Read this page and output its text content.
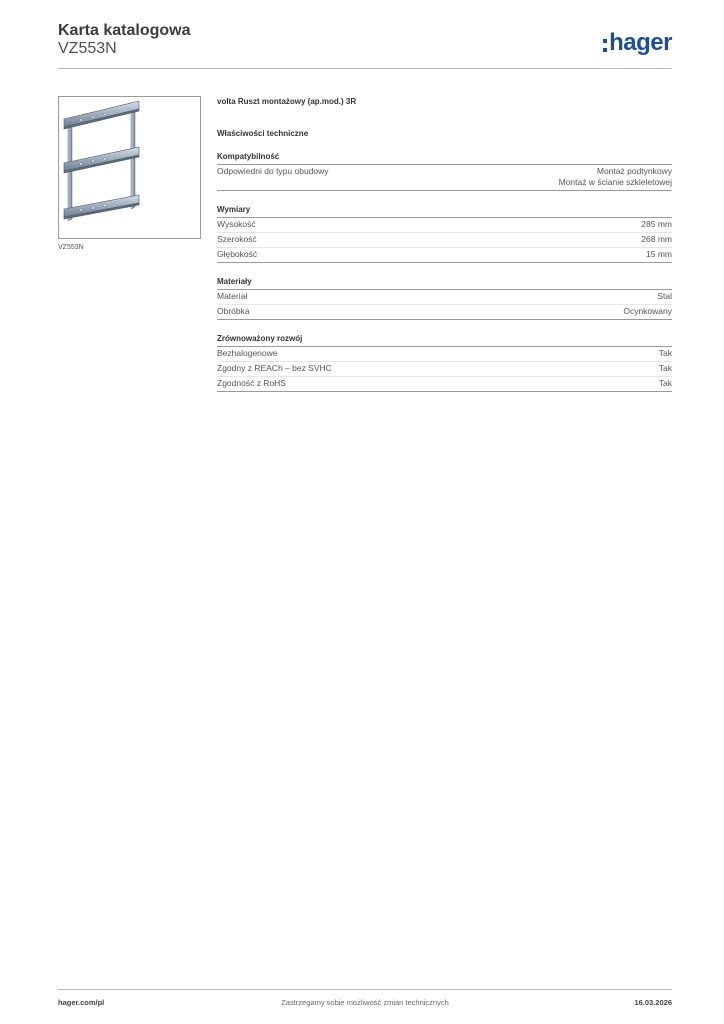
Karta katalogowa
VZ553N	hager
VZ553N
volta Ruszt montażowy (ap.mod.) 3R
Właściwości techniczne
Kompatybilność
Odpowiedni do typu obudowy	Montaż podtynkowy
Montaż w ścianie szkieletowej
Wymiary
Wysokość	285 mm
Szerokość	268 mm
Głębokość	15 mm
Materiały
Materiał	Stal
Obróbka	Ocynkowany
Zrównoważony rozwój
Bezhalogenowe	Tak
Zgodny z REACh – bez SVHC	Tak
Zgodność z RoHS	Tak
hager.com/pl	Zastrzegamy sobie możliwość zmian technicznych	16.03.2026
